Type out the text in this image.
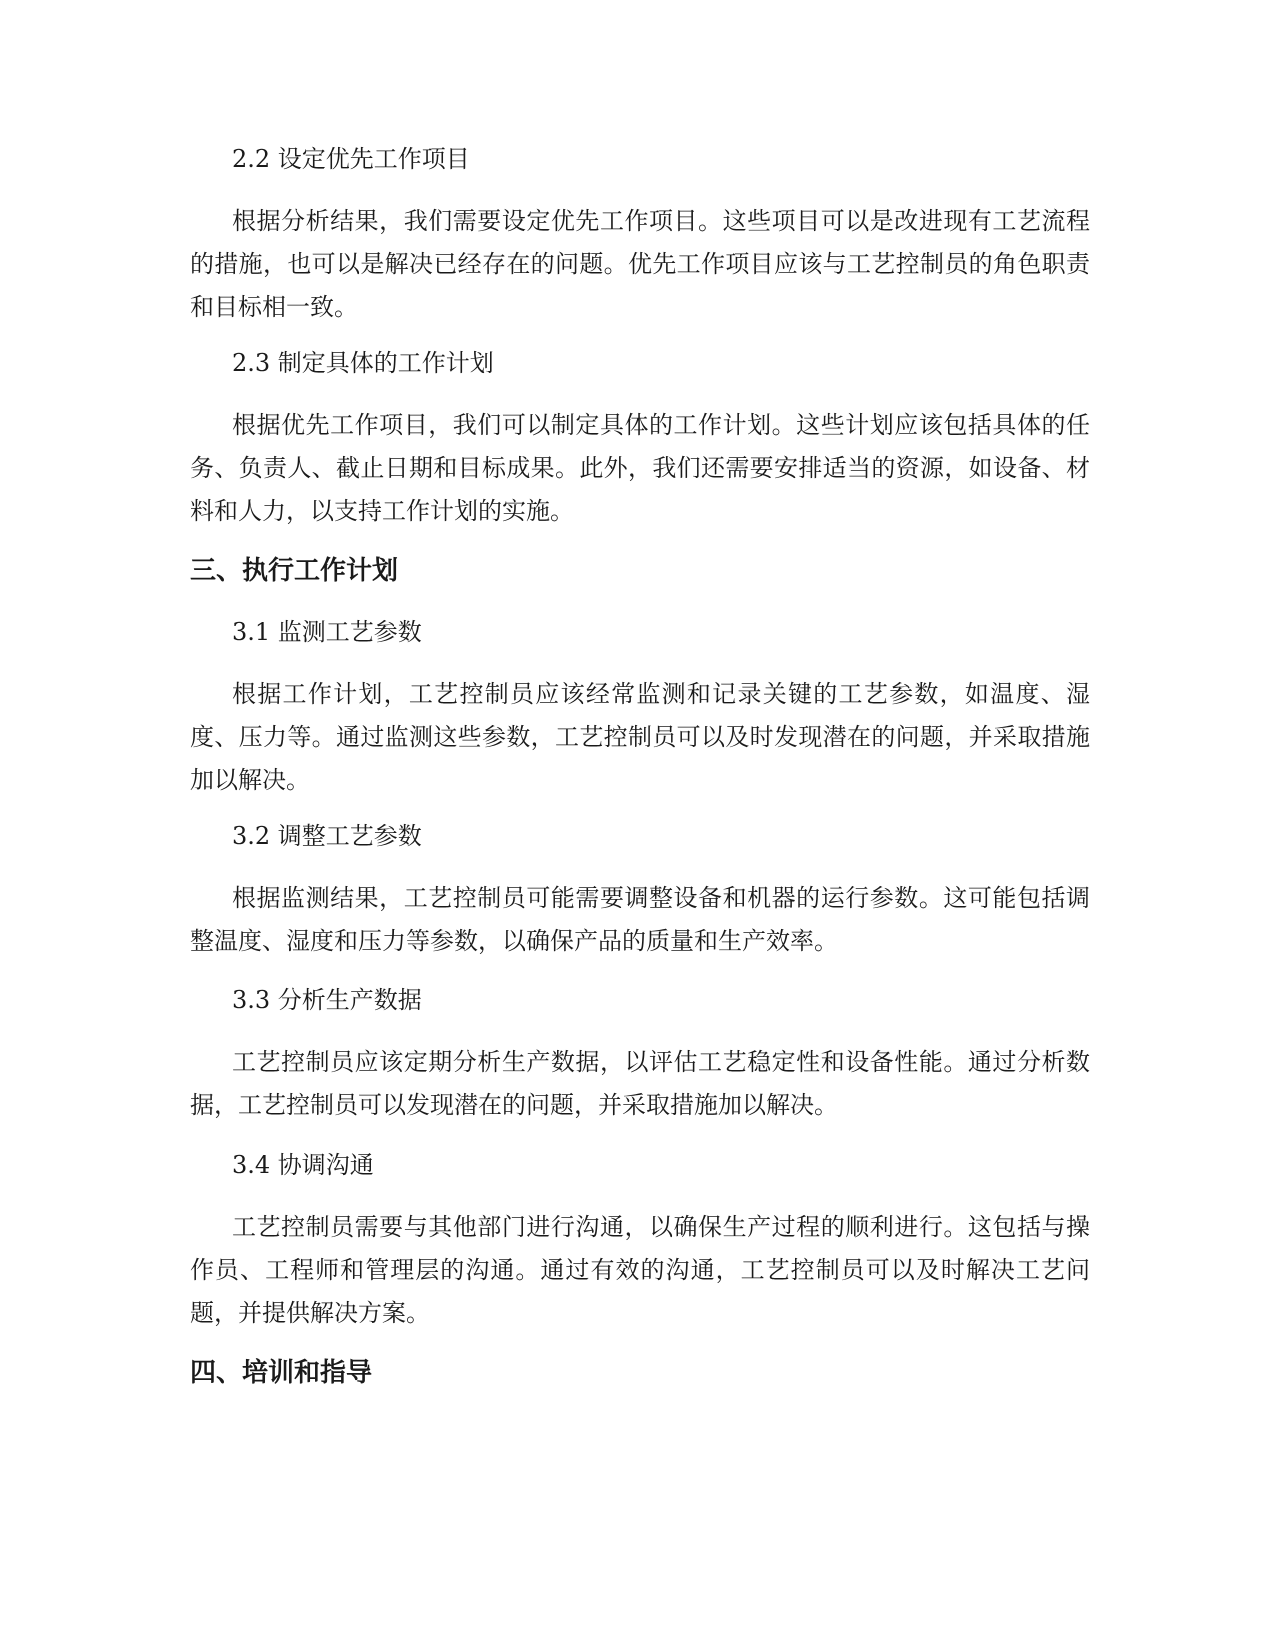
2.2 设定优先工作项目

根据分析结果，我们需要设定优先工作项目。这些项目可以是改进现有工艺流程的措施，也可以是解决已经存在的问题。优先工作项目应该与工艺控制员的角色职责和目标相一致。

2.3 制定具体的工作计划

根据优先工作项目，我们可以制定具体的工作计划。这些计划应该包括具体的任务、负责人、截止日期和目标成果。此外，我们还需要安排适当的资源，如设备、材料和人力，以支持工作计划的实施。

三、执行工作计划
3.1 监测工艺参数

根据工作计划，工艺控制员应该经常监测和记录关键的工艺参数，如温度、湿度、压力等。通过监测这些参数，工艺控制员可以及时发现潜在的问题，并采取措施加以解决。

3.2 调整工艺参数

根据监测结果，工艺控制员可能需要调整设备和机器的运行参数。这可能包括调整温度、湿度和压力等参数，以确保产品的质量和生产效率。

3.3 分析生产数据

工艺控制员应该定期分析生产数据，以评估工艺稳定性和设备性能。通过分析数据，工艺控制员可以发现潜在的问题，并采取措施加以解决。

3.4 协调沟通

工艺控制员需要与其他部门进行沟通，以确保生产过程的顺利进行。这包括与操作员、工程师和管理层的沟通。通过有效的沟通，工艺控制员可以及时解决工艺问题，并提供解决方案。

四、培训和指导
